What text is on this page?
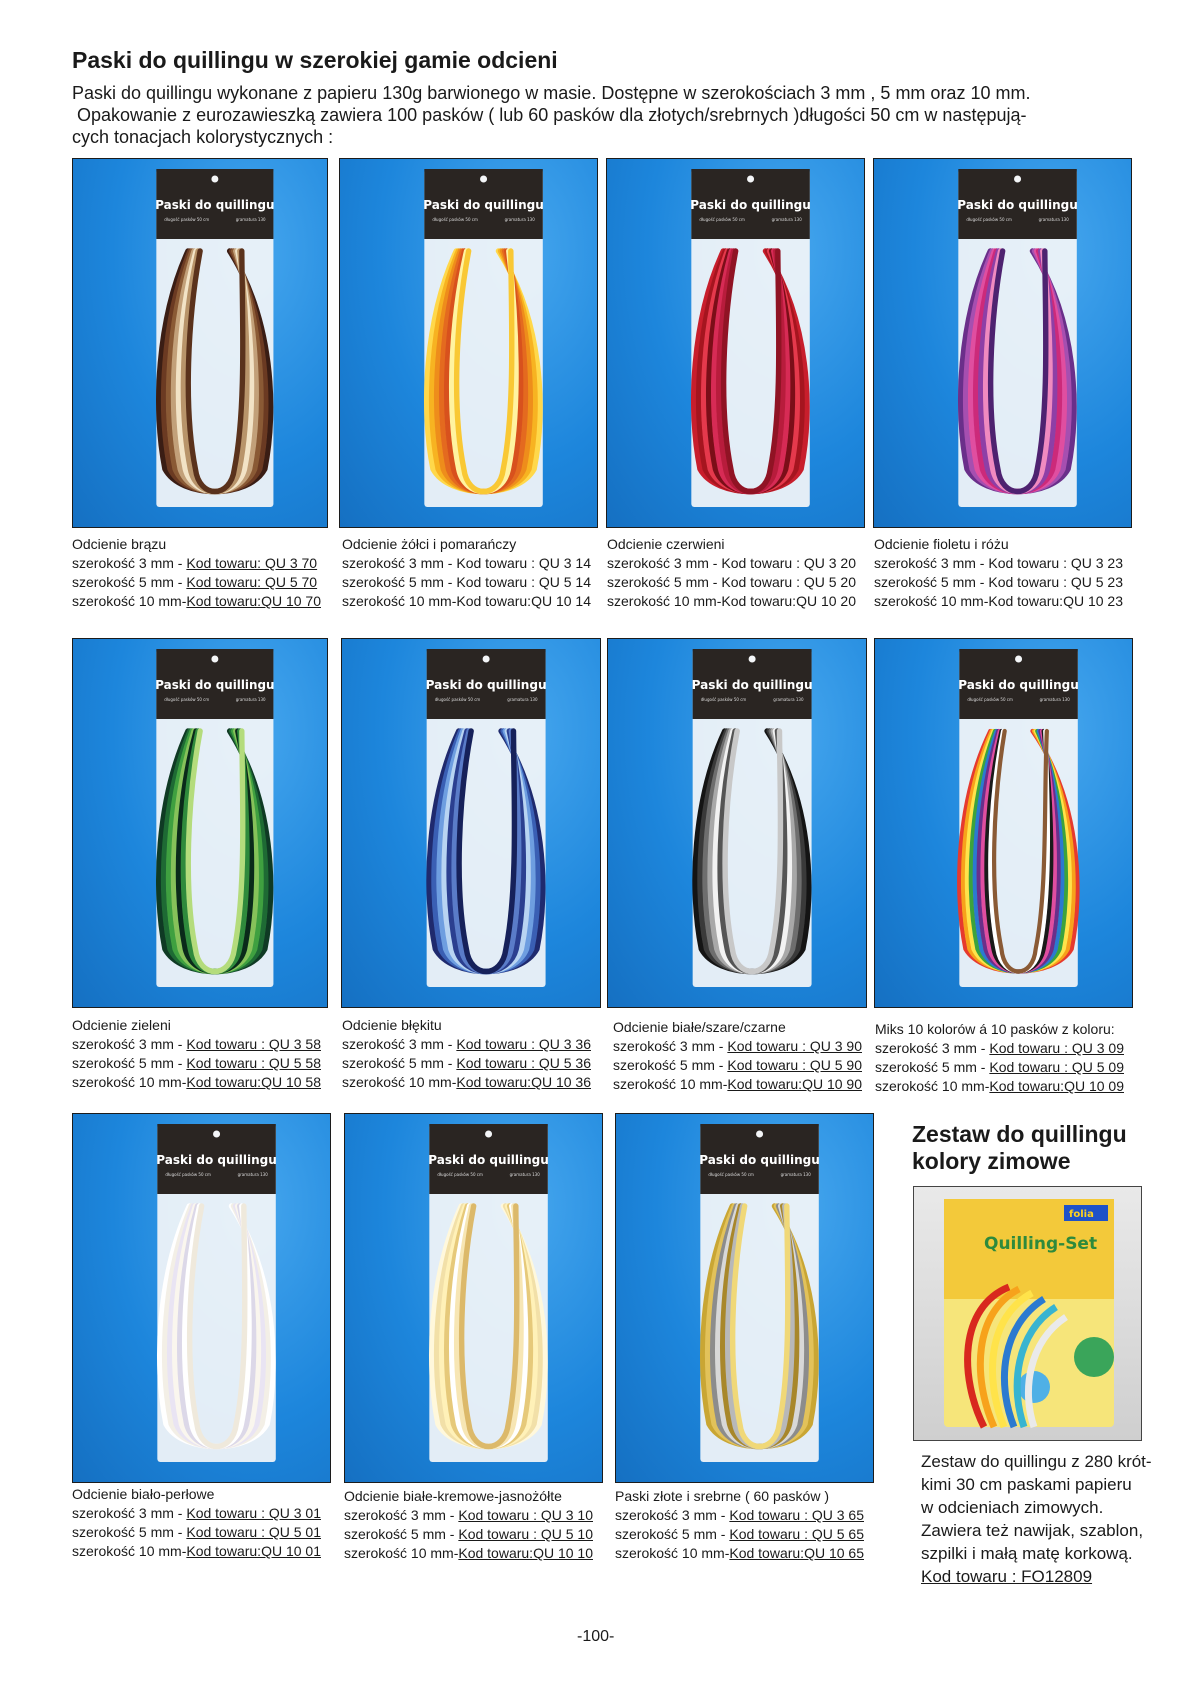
Paski do quillingu w szerokiej gamie odcieni
Paski do quillingu wykonane z papieru 130g barwionego w masie. Dostępne w szerokościach 3 mm , 5 mm oraz 10 mm.
Opakowanie z eurozawieszką zawiera 100 pasków ( lub 60 pasków dla złotych/srebrnych )długości 50 cm w następują-
cych tonacjach kolorystycznych :
Paski do quillingu
długość pasków 50 cm	gramatura 130
Odcienie brązu
szerokość 3 mm - Kod towaru: QU 3 70
szerokość 5 mm - Kod towaru: QU 5 70
szerokość 10 mm-Kod towaru:QU 10 70
Paski do quillingu
długość pasków 50 cm	gramatura 130
Odcienie żółci i pomarańczy
szerokość 3 mm - Kod towaru : QU 3 14
szerokość 5 mm - Kod towaru : QU 5 14
szerokość 10 mm-Kod towaru:QU 10 14
Paski do quillingu
długość pasków 50 cm	gramatura 130
Odcienie czerwieni
szerokość 3 mm - Kod towaru : QU 3 20
szerokość 5 mm - Kod towaru : QU 5 20
szerokość 10 mm-Kod towaru:QU 10 20
Paski do quillingu
długość pasków 50 cm	gramatura 130
Odcienie fioletu i różu
szerokość 3 mm - Kod towaru : QU 3 23
szerokość 5 mm - Kod towaru : QU 5 23
szerokość 10 mm-Kod towaru:QU 10 23
Paski do quillingu
długość pasków 50 cm	gramatura 130
Odcienie zieleni
szerokość 3 mm - Kod towaru : QU 3 58
szerokość 5 mm - Kod towaru : QU 5 58
szerokość 10 mm-Kod towaru:QU 10 58
Paski do quillingu
długość pasków 50 cm	gramatura 130
Odcienie błękitu
szerokość 3 mm - Kod towaru : QU 3 36
szerokość 5 mm - Kod towaru : QU 5 36
szerokość 10 mm-Kod towaru:QU 10 36
Paski do quillingu
długość pasków 50 cm	gramatura 130
Odcienie białe/szare/czarne
szerokość 3 mm - Kod towaru : QU 3 90
szerokość 5 mm - Kod towaru : QU 5 90
szerokość 10 mm-Kod towaru:QU 10 90
Paski do quillingu
długość pasków 50 cm	gramatura 130
Miks 10 kolorów á 10 pasków z koloru:
szerokość 3 mm - Kod towaru : QU 3 09
szerokość 5 mm - Kod towaru : QU 5 09
szerokość 10 mm-Kod towaru:QU 10 09
Paski do quillingu
długość pasków 50 cm	gramatura 130
Odcienie biało-perłowe
szerokość 3 mm - Kod towaru : QU 3 01
szerokość 5 mm - Kod towaru : QU 5 01
szerokość 10 mm-Kod towaru:QU 10 01
Paski do quillingu
długość pasków 50 cm	gramatura 130
Odcienie białe-kremowe-jasnożółte
szerokość 3 mm - Kod towaru : QU 3 10
szerokość 5 mm - Kod towaru : QU 5 10
szerokość 10 mm-Kod towaru:QU 10 10
Paski do quillingu
długość pasków 50 cm	gramatura 130
Paski złote i srebrne ( 60 pasków )
szerokość 3 mm - Kod towaru : QU 3 65
szerokość 5 mm - Kod towaru : QU 5 65
szerokość 10 mm-Kod towaru:QU 10 65
Zestaw do quillingu
kolory zimowe
Quilling-Set
folia
Zestaw do quillingu z 280 krót-
kimi 30 cm paskami papieru
w odcieniach zimowych.
Zawiera też nawijak, szablon,
szpilki i małą matę korkową.
Kod towaru : FO12809
-100-
